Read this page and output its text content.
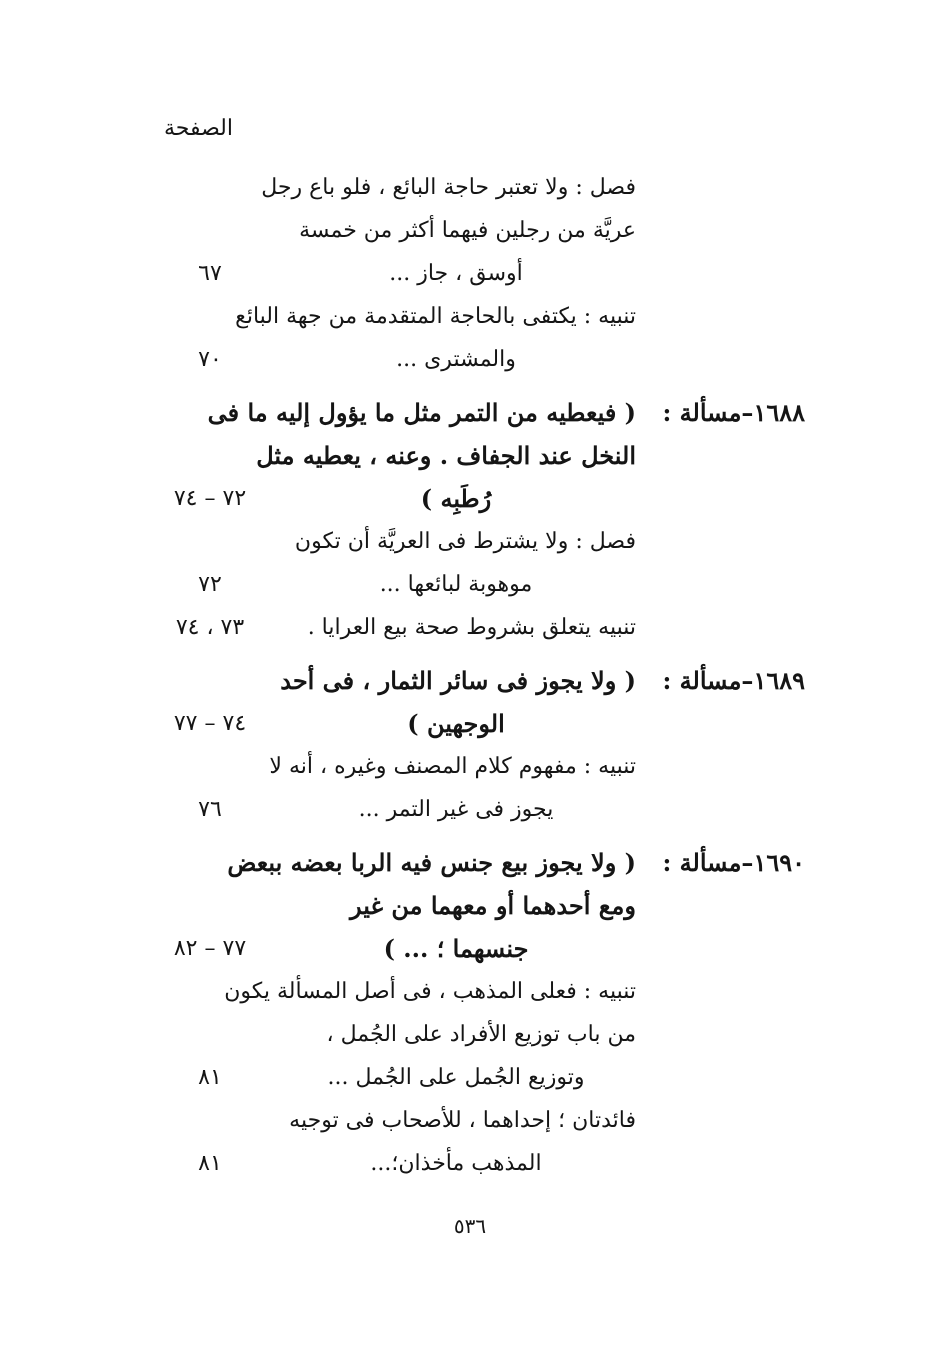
الصفحة
فصل : ولا تعتبر حاجة البائع ، فلو باع رجل
عريَّة من رجلين فيهما أكثر من خمسة
أوسق ، جاز ...
٦٧
تنبيه : يكتفى بالحاجة المتقدمة من جهة البائع
والمشترى ...
٧٠
١٦٨٨–مسألة :
( فيعطيه من التمر مثل ما يؤول إليه ما فى
النخل عند الجفاف . وعنه ، يعطيه مثل
رُطَبِه )
٧٢ – ٧٤
فصل : ولا يشترط فى العريَّة أن تكون
موهوبة لبائعها ...
٧٢
تنبيه يتعلق بشروط صحة بيع العرايا .
٧٣ ، ٧٤
١٦٨٩–مسألة :
( ولا يجوز فى سائر الثمار ، فى أحد
الوجهين )
٧٤ – ٧٧
تنبيه : مفهوم كلام المصنف وغيره ، أنه لا
يجوز فى غير التمر ...
٧٦
١٦٩٠–مسألة :
( ولا يجوز بيع جنس فيه الربا بعضه ببعض
ومع أحدهما أو معهما من غير
جنسهما ؛ ... )
٧٧ – ٨٢
تنبيه : فعلى المذهب ، فى أصل المسألة يكون
من باب توزيع الأفراد على الجُمل ،
وتوزيع الجُمل على الجُمل ...
٨١
فائدتان ؛ إحداهما ، للأصحاب فى توجيه
المذهب مأخذان؛...
٨١
٥٣٦
